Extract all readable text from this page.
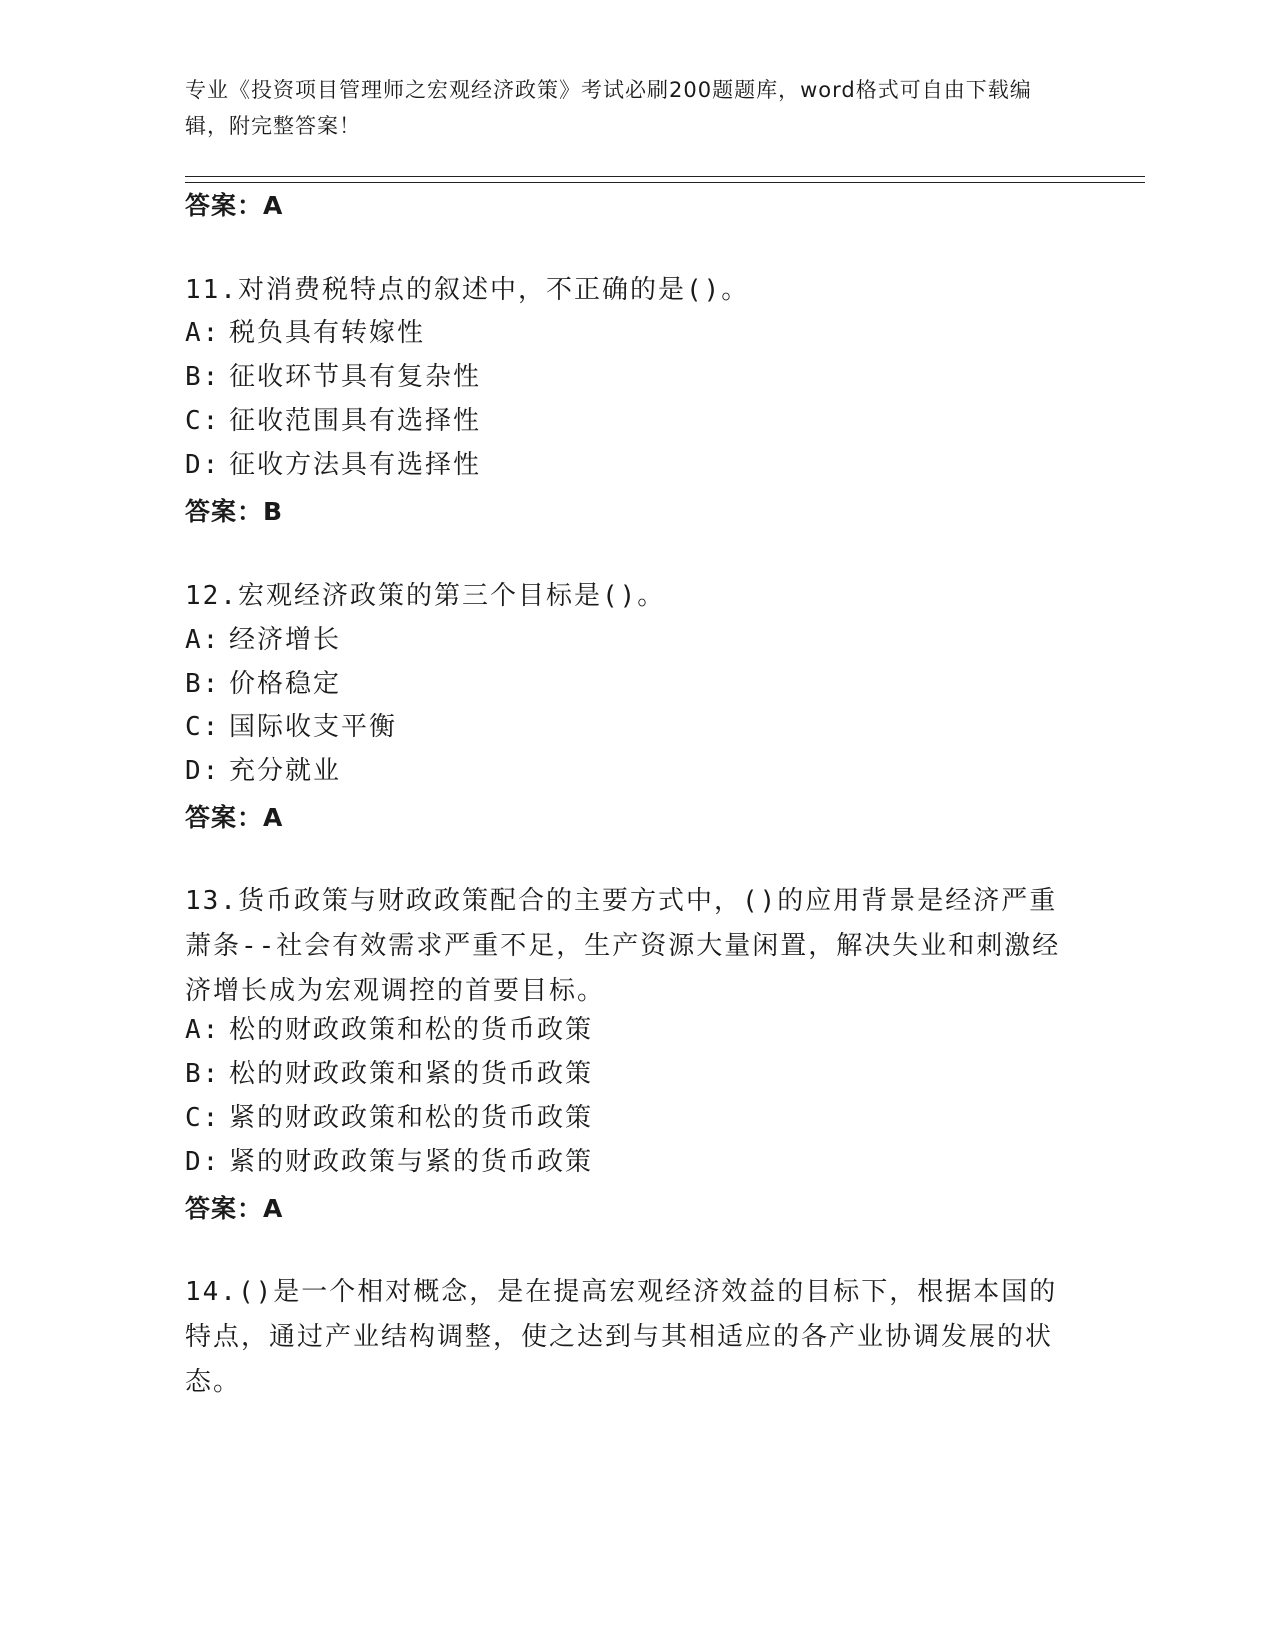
专业《投资项目管理师之宏观经济政策》考试必刷200题题库，word格式可自由下载编辑，附完整答案！
答案：A
11.对消费税特点的叙述中，不正确的是()。
A: 税负具有转嫁性
B: 征收环节具有复杂性
C: 征收范围具有选择性
D: 征收方法具有选择性
答案：B
12.宏观经济政策的第三个目标是()。
A: 经济增长
B: 价格稳定
C: 国际收支平衡
D: 充分就业
答案：A
13.货币政策与财政政策配合的主要方式中，()的应用背景是经济严重萧条--社会有效需求严重不足，生产资源大量闲置，解决失业和刺激经济增长成为宏观调控的首要目标。
A: 松的财政政策和松的货币政策
B: 松的财政政策和紧的货币政策
C: 紧的财政政策和松的货币政策
D: 紧的财政政策与紧的货币政策
答案：A
14.()是一个相对概念，是在提高宏观经济效益的目标下，根据本国的特点，通过产业结构调整，使之达到与其相适应的各产业协调发展的状态。
